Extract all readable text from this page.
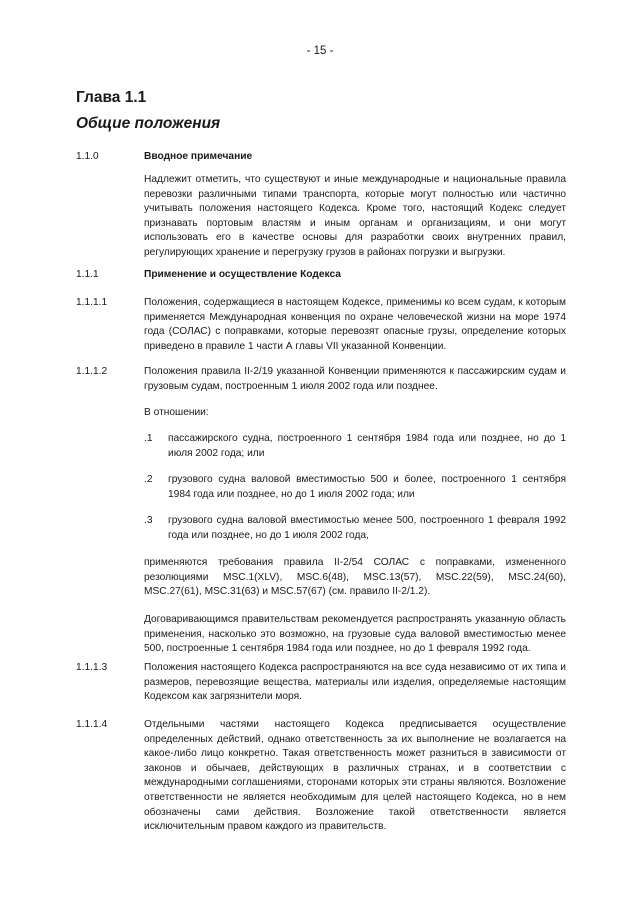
- 15 -
Глава 1.1
Общие положения
1.1.0	Вводное примечание
Надлежит отметить, что существуют и иные международные и национальные правила перевозки различными типами транспорта, которые могут полностью или частично учитывать положения настоящего Кодекса. Кроме того, настоящий Кодекс следует признавать портовым властям и иным органам и организациям, и они могут использовать его в качестве основы для разработки своих внутренних правил, регулирующих хранение и перегрузку грузов в районах погрузки и выгрузки.
1.1.1	Применение и осуществление Кодекса
1.1.1.1	Положения, содержащиеся в настоящем Кодексе, применимы ко всем судам, к которым применяется Международная конвенция по охране человеческой жизни на море 1974 года (СОЛАС) с поправками, которые перевозят опасные грузы, определение которых приведено в правиле 1 части А главы VII указанной Конвенции.
1.1.1.2	Положения правила II-2/19 указанной Конвенции применяются к пассажирским судам и грузовым судам, построенным 1 июля 2002 года или позднее.
В отношении:
.1 пассажирского судна, построенного 1 сентября 1984 года или позднее, но до 1 июля 2002 года; или
.2 грузового судна валовой вместимостью 500 и более, построенного 1 сентября 1984 года или позднее, но до 1 июля 2002 года; или
.3 грузового судна валовой вместимостью менее 500, построенного 1 февраля 1992 года или позднее, но до 1 июля 2002 года,
применяются требования правила II-2/54 СОЛАС с поправками, измененного резолюциями MSC.1(XLV), MSC.6(48), MSC.13(57), MSC.22(59), MSC.24(60), MSC.27(61), MSC.31(63) и MSC.57(67) (см. правило II-2/1.2).
Договаривающимся правительствам рекомендуется распространять указанную область применения, насколько это возможно, на грузовые суда валовой вместимостью менее 500, построенные 1 сентября 1984 года или позднее, но до 1 февраля 1992 года.
1.1.1.3	Положения настоящего Кодекса распространяются на все суда независимо от их типа и размеров, перевозящие вещества, материалы или изделия, определяемые настоящим Кодексом как загрязнители моря.
1.1.1.4	Отдельными частями настоящего Кодекса предписывается осуществление определенных действий, однако ответственность за их выполнение не возлагается на какое-либо лицо конкретно. Такая ответственность может разниться в зависимости от законов и обычаев, действующих в различных странах, и в соответствии с международными соглашениями, сторонами которых эти страны являются. Возложение ответственности не является необходимым для целей настоящего Кодекса, но в нем обозначены сами действия. Возложение такой ответственности является исключительным правом каждого из правительств.
